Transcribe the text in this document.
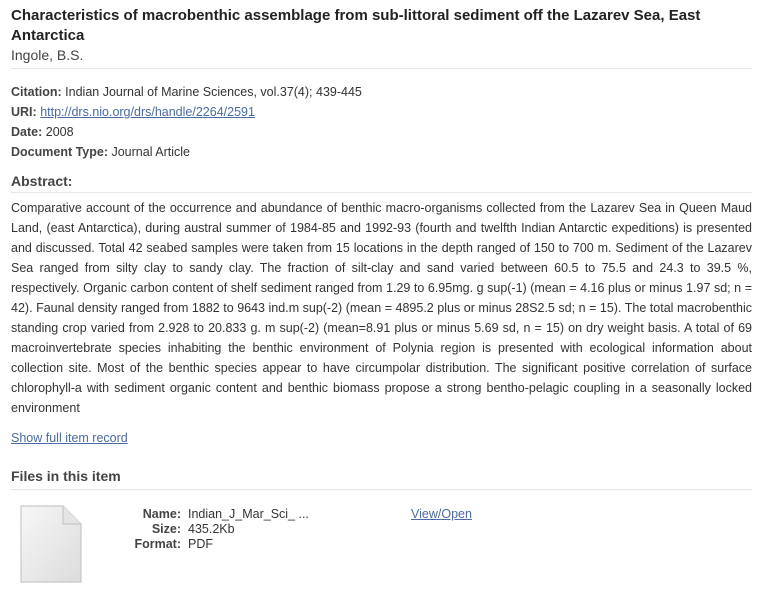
Characteristics of macrobenthic assemblage from sub-littoral sediment off the Lazarev Sea, East Antarctica
Ingole, B.S.
Citation: Indian Journal of Marine Sciences, vol.37(4); 439-445
URI: http://drs.nio.org/drs/handle/2264/2591
Date: 2008
Document Type: Journal Article
Abstract:
Comparative account of the occurrence and abundance of benthic macro-organisms collected from the Lazarev Sea in Queen Maud Land, (east Antarctica), during austral summer of 1984-85 and 1992-93 (fourth and twelfth Indian Antarctic expeditions) is presented and discussed. Total 42 seabed samples were taken from 15 locations in the depth ranged of 150 to 700 m. Sediment of the Lazarev Sea ranged from silty clay to sandy clay. The fraction of silt-clay and sand varied between 60.5 to 75.5 and 24.3 to 39.5 %, respectively. Organic carbon content of shelf sediment ranged from 1.29 to 6.95mg. g sup(-1) (mean = 4.16 plus or minus 1.97 sd; n = 42). Faunal density ranged from 1882 to 9643 ind.m sup(-2) (mean = 4895.2 plus or minus 28S2.5 sd; n = 15). The total macrobenthic standing crop varied from 2.928 to 20.833 g. m sup(-2) (mean=8.91 plus or minus 5.69 sd, n = 15) on dry weight basis. A total of 69 macroinvertebrate species inhabiting the benthic environment of Polynia region is presented with ecological information about collection site. Most of the benthic species appear to have circumpolar distribution. The significant positive correlation of surface chlorophyll-a with sediment organic content and benthic biomass propose a strong bentho-pelagic coupling in a seasonally locked environment
Show full item record
Files in this item
Name: Indian_J_Mar_Sci_ ...
Size: 435.2Kb
Format: PDF
View/Open
